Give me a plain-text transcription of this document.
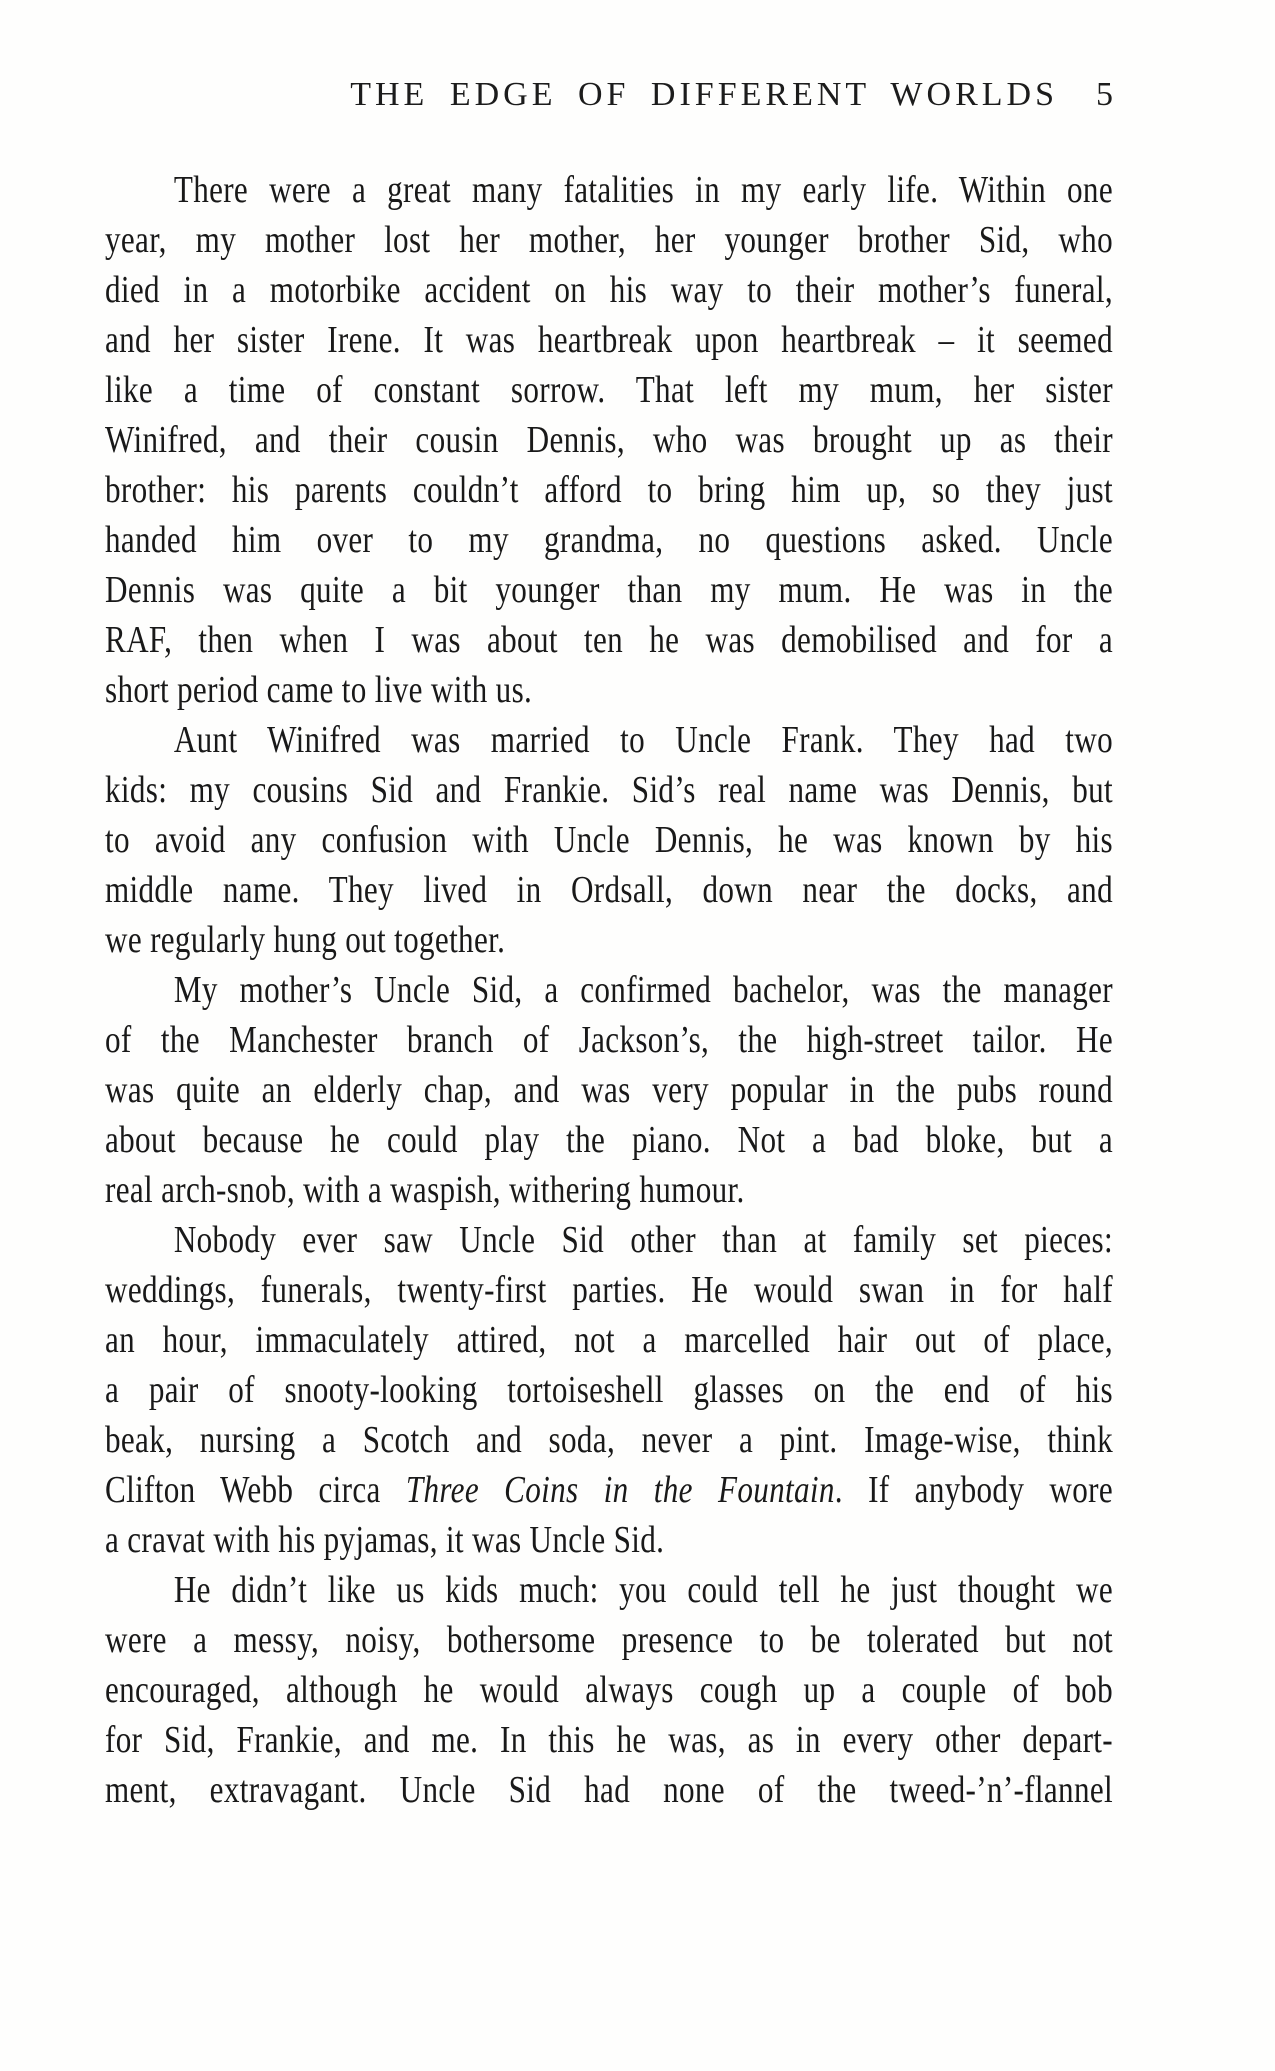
THE EDGE OF DIFFERENT WORLDS 5
There were a great many fatalities in my early life. Within one
year, my mother lost her mother, her younger brother Sid, who
died in a motorbike accident on his way to their mother’s funeral,
and her sister Irene. It was heartbreak upon heartbreak – it seemed
like a time of constant sorrow. That left my mum, her sister
Winifred, and their cousin Dennis, who was brought up as their
brother: his parents couldn’t afford to bring him up, so they just
handed him over to my grandma, no questions asked. Uncle
Dennis was quite a bit younger than my mum. He was in the
RAF, then when I was about ten he was demobilised and for a
short period came to live with us.
Aunt Winifred was married to Uncle Frank. They had two
kids: my cousins Sid and Frankie. Sid’s real name was Dennis, but
to avoid any confusion with Uncle Dennis, he was known by his
middle name. They lived in Ordsall, down near the docks, and
we regularly hung out together.
My mother’s Uncle Sid, a confirmed bachelor, was the manager
of the Manchester branch of Jackson’s, the high-street tailor. He
was quite an elderly chap, and was very popular in the pubs round
about because he could play the piano. Not a bad bloke, but a
real arch-snob, with a waspish, withering humour.
Nobody ever saw Uncle Sid other than at family set pieces:
weddings, funerals, twenty-first parties. He would swan in for half
an hour, immaculately attired, not a marcelled hair out of place,
a pair of snooty-looking tortoiseshell glasses on the end of his
beak, nursing a Scotch and soda, never a pint. Image-wise, think
Clifton Webb circa Three Coins in the Fountain. If anybody wore
a cravat with his pyjamas, it was Uncle Sid.
He didn’t like us kids much: you could tell he just thought we
were a messy, noisy, bothersome presence to be tolerated but not
encouraged, although he would always cough up a couple of bob
for Sid, Frankie, and me. In this he was, as in every other depart-
ment, extravagant. Uncle Sid had none of the tweed-’n’-flannel
